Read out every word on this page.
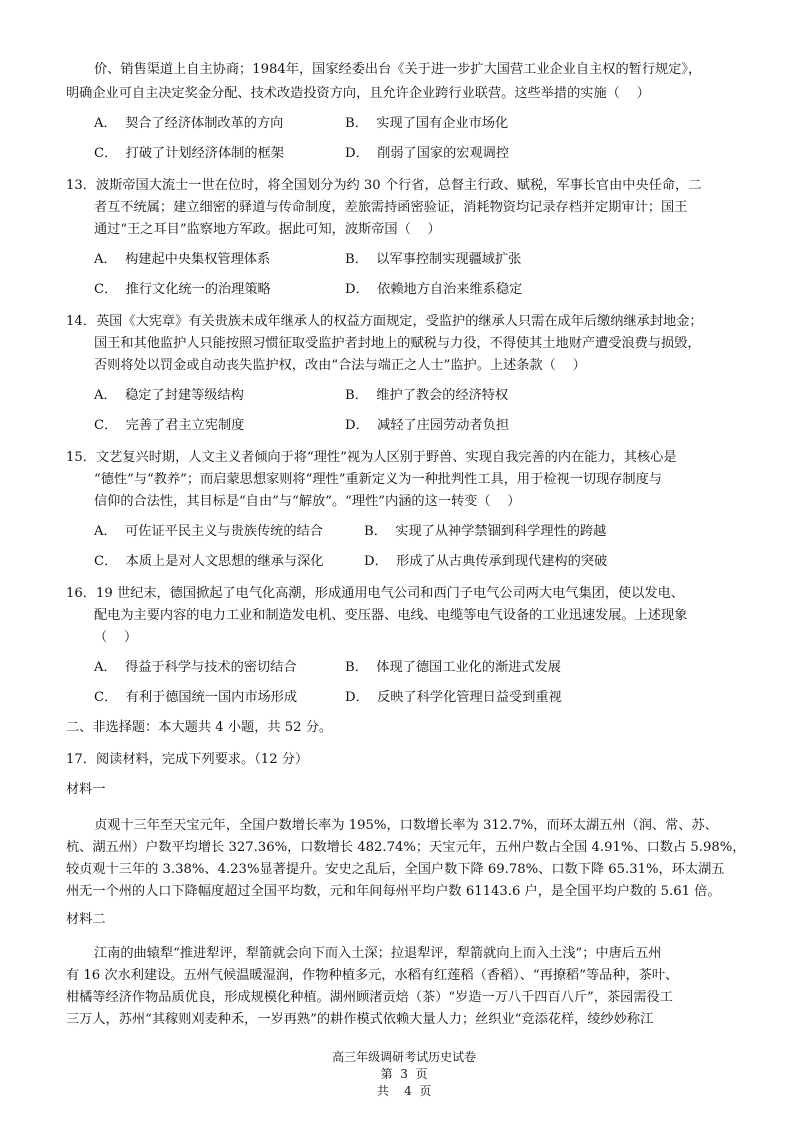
价、销售渠道上自主协商；1984年，国家经委出台《关于进一步扩大国营工业企业自主权的暂行规定》，
明确企业可自主决定奖金分配、技术改造投资方向，且允许企业跨行业联营。这些举措的实施（    ）
A．  契合了经济体制改革的方向	B．  实现了国有企业市场化
C．  打破了计划经济体制的框架	D．  削弱了国家的宏观调控
13．波斯帝国大流士一世在位时，将全国划分为约 30 个行省，总督主行政、赋税，军事长官由中央任命，二
者互不统属；建立细密的驿道与传命制度，差旅需持函密验证，消耗物资均记录存档并定期审计；国王
通过“王之耳目”监察地方军政。据此可知，波斯帝国（    ）
A．  构建起中央集权管理体系	B．  以军事控制实现疆域扩张
C．  推行文化统一的治理策略	D．  依赖地方自治来维系稳定
14．英国《大宪章》有关贵族未成年继承人的权益方面规定，受监护的继承人只需在成年后缴纳继承封地金；
国王和其他监护人只能按照习惯征取受监护者封地上的赋税与力役，不得使其土地财产遭受浪费与损毁，
否则将处以罚金或自动丧失监护权，改由“合法与端正之人士”监护。上述条款（    ）
A．  稳定了封建等级结构	B．  维护了教会的经济特权
C．  完善了君主立宪制度	D．  减轻了庄园劳动者负担
15．文艺复兴时期，人文主义者倾向于将“理性”视为人区别于野兽、实现自我完善的内在能力，其核心是
“德性”与“教养”；而启蒙思想家则将“理性”重新定义为一种批判性工具，用于检视一切现存制度与
信仰的合法性，其目标是“自由”与“解放”。“理性”内涵的这一转变（    ）
A．  可佐证平民主义与贵族传统的结合	B．  实现了从神学禁锢到科学理性的跨越
C．  本质上是对人文思想的继承与深化	D．  形成了从古典传承到现代建构的突破
16．19 世纪末，德国掀起了电气化高潮，形成通用电气公司和西门子电气公司两大电气集团，使以发电、
配电为主要内容的电力工业和制造发电机、变压器、电线、电缆等电气设备的工业迅速发展。上述现象
（    ）
A．  得益于科学与技术的密切结合	B．  体现了德国工业化的渐进式发展
C．  有利于德国统一国内市场形成	D．  反映了科学化管理日益受到重视
二、非选择题：本大题共 4 小题，共 52 分。
17．阅读材料，完成下列要求。（12 分）
材料一
贞观十三年至天宝元年，全国户数增长率为 195%，口数增长率为 312.7%，而环太湖五州（润、常、苏、
杭、湖五州）户数平均增长 327.36%，口数增长 482.74%；天宝元年，五州户数占全国 4.91%、口数占 5.98%，
较贞观十三年的 3.38%、4.23%显著提升。安史之乱后，全国户数下降 69.78%、口数下降 65.31%，环太湖五
州无一个州的人口下降幅度超过全国平均数，元和年间每州平均户数 61143.6 户，是全国平均户数的 5.61 倍。
材料二
江南的曲辕犁“推进犁评，犁箭就会向下而入土深；拉退犁评，犁箭就向上而入土浅”；中唐后五州
有 16 次水利建设。五州气候温暖湿润，作物种植多元，水稻有红莲稻（香稻）、“再撩稻”等品种，茶叶、
柑橘等经济作物品质优良，形成规模化种植。湖州顾渚贡焙（茶）“岁造一万八千四百八斤”，茶园需役工
三万人，苏州“其稼则刈麦种禾，一岁再熟”的耕作模式依赖大量人力；丝织业“竞添花样，绫纱妙称江

高三年级调研考试历史试卷
第  3  页
共    4  页
